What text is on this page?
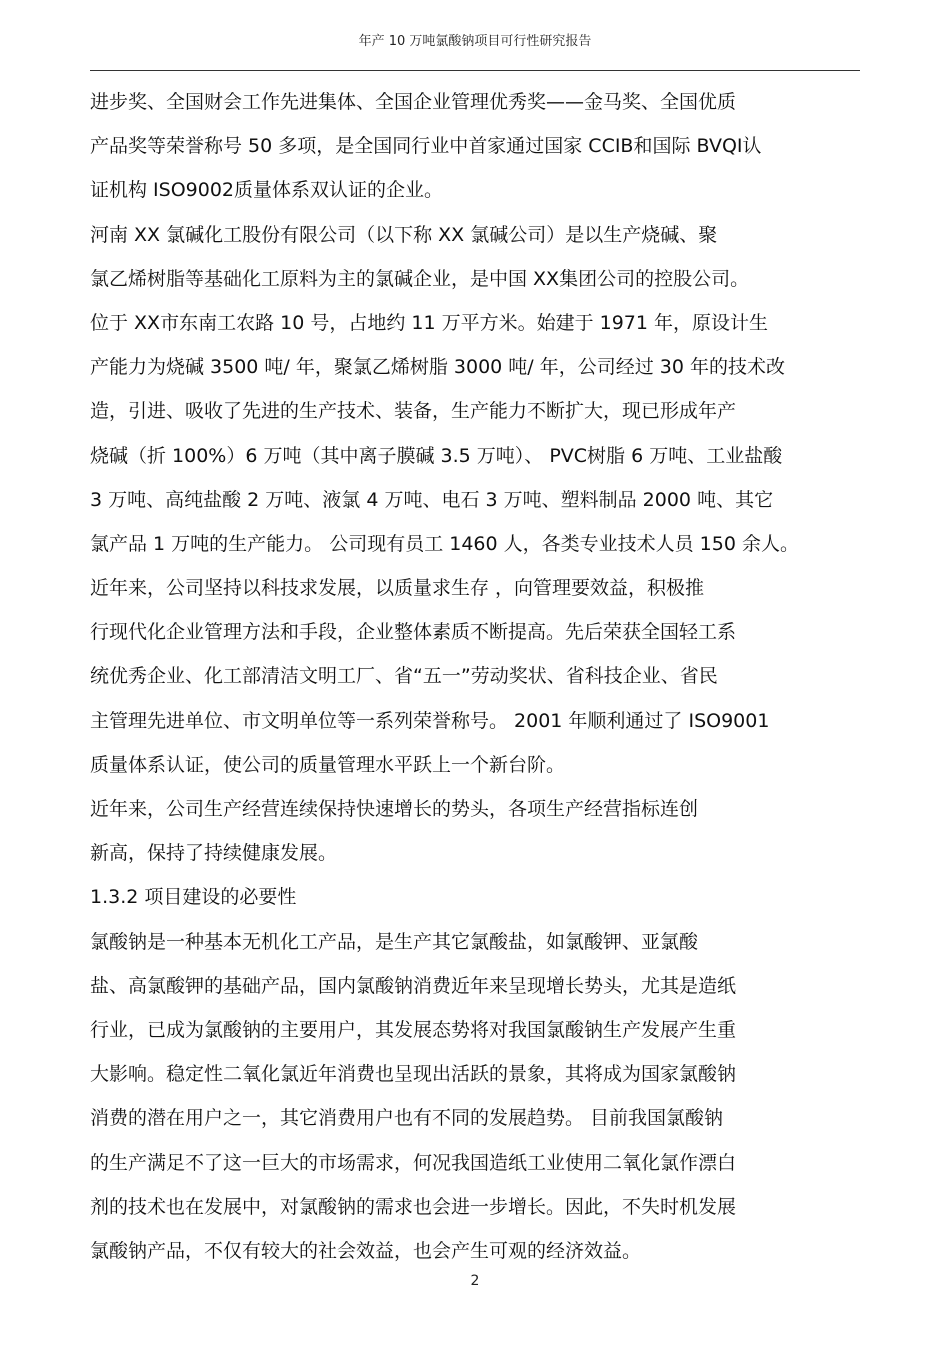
年产 10 万吨氯酸钠项目可行性研究报告
进步奖、全国财会工作先进集体、全国企业管理优秀奖——金马奖、全国优质
产品奖等荣誉称号 50 多项，是全国同行业中首家通过国家 CCIB和国际 BVQI认
证机构 ISO9002质量体系双认证的企业。
河南 XX 氯碱化工股份有限公司（以下称 XX 氯碱公司）是以生产烧碱、聚
氯乙烯树脂等基础化工原料为主的氯碱企业，是中国 XX集团公司的控股公司。
位于 XX市东南工农路 10 号，占地约 11 万平方米。始建于 1971 年，原设计生
产能力为烧碱 3500 吨/ 年，聚氯乙烯树脂 3000 吨/ 年，公司经过 30 年的技术改
造，引进、吸收了先进的生产技术、装备，生产能力不断扩大，现已形成年产
烧碱（折 100%）6 万吨（其中离子膜碱 3.5 万吨）、 PVC树脂 6 万吨、工业盐酸
3 万吨、高纯盐酸 2 万吨、液氯 4 万吨、电石 3 万吨、塑料制品 2000 吨、其它
氯产品 1 万吨的生产能力。 公司现有员工 1460 人，各类专业技术人员 150 余人。
近年来，公司坚持以科技求发展，以质量求生存 ，向管理要效益，积极推
行现代化企业管理方法和手段，企业整体素质不断提高。先后荣获全国轻工系
统优秀企业、化工部清洁文明工厂、省“五一”劳动奖状、省科技企业、省民
主管理先进单位、市文明单位等一系列荣誉称号。 2001 年顺利通过了 ISO9001
质量体系认证，使公司的质量管理水平跃上一个新台阶。
近年来，公司生产经营连续保持快速增长的势头，各项生产经营指标连创
新高，保持了持续健康发展。
1.3.2 项目建设的必要性
氯酸钠是一种基本无机化工产品，是生产其它氯酸盐，如氯酸钾、亚氯酸
盐、高氯酸钾的基础产品，国内氯酸钠消费近年来呈现增长势头，尤其是造纸
行业，已成为氯酸钠的主要用户，其发展态势将对我国氯酸钠生产发展产生重
大影响。稳定性二氧化氯近年消费也呈现出活跃的景象，其将成为国家氯酸钠
消费的潜在用户之一，其它消费用户也有不同的发展趋势。 目前我国氯酸钠
的生产满足不了这一巨大的市场需求，何况我国造纸工业使用二氧化氯作漂白
剂的技术也在发展中，对氯酸钠的需求也会进一步增长。因此，不失时机发展
氯酸钠产品，不仅有较大的社会效益，也会产生可观的经济效益。
2
